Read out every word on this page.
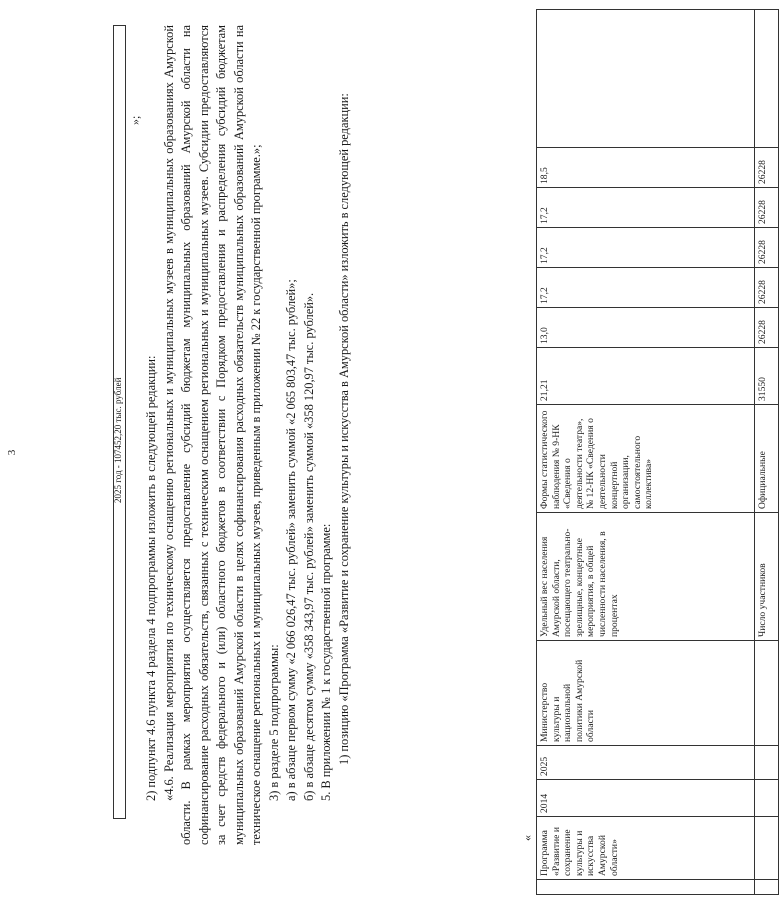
3	2025 год - 107452,20 тыс. рублей
»;

2) подпункт 4.6 пункта 4 раздела 4 подпрограммы изложить в следующей редакции: «4.6. Реализация мероприятия по техническому оснащению региональных и муниципальных музеев в муниципальных образованиях Амурской области. В рамках мероприятия осуществляется предоставление субсидий бюджетам муниципальных образований Амурской области на софинансирование расходных обязательств, связанных с техническим оснащением региональных и муниципальных музеев. Субсидии предоставляются за счет средств федерального и (или) областного бюджетов в соответствии с Порядком предоставления и распределения субсидий бюджетам муниципальных образований Амурской области в целях софинансирования расходных обязательств муниципальных образований Амурской области на техническое оснащение региональных и муниципальных музеев, приведенным в приложении № 22 к государственной программе.»; 3) в разделе 5 подпрограммы: а) в абзаце первом сумму «2 066 026,47 тыс. рублей» заменить суммой «2 065 803,47 тыс. рублей»; б) в абзаце десятом сумму «358 343,97 тыс. рублей» заменить суммой «358 120,97 тыс. рублей». 5. В приложении № 1 к государственной программе: 1) позицию «Программа «Развитие и сохранение культуры и искусства в Амурской области» изложить в следующей редакции:

«
	Программа «Развитие и сохранение культуры и искусства Амурской области»	2014	2025	Министерство культуры и национальной политики Амурской области	Удельный вес населения Амурской области, посещающего театрально-зрелищные, концертные мероприятия, в общей численности населения, в процентах	Формы статистического наблюдения № 9-НК «Сведения о деятельности театра», № 12-НК «Сведения о деятельности концертной организации, самостоятельного коллектива»	21,21	13,0	17,2	17,2	17,2	18,5	
					Число участников	Официальные	31550	26228	26228	26228	26228	26228	
